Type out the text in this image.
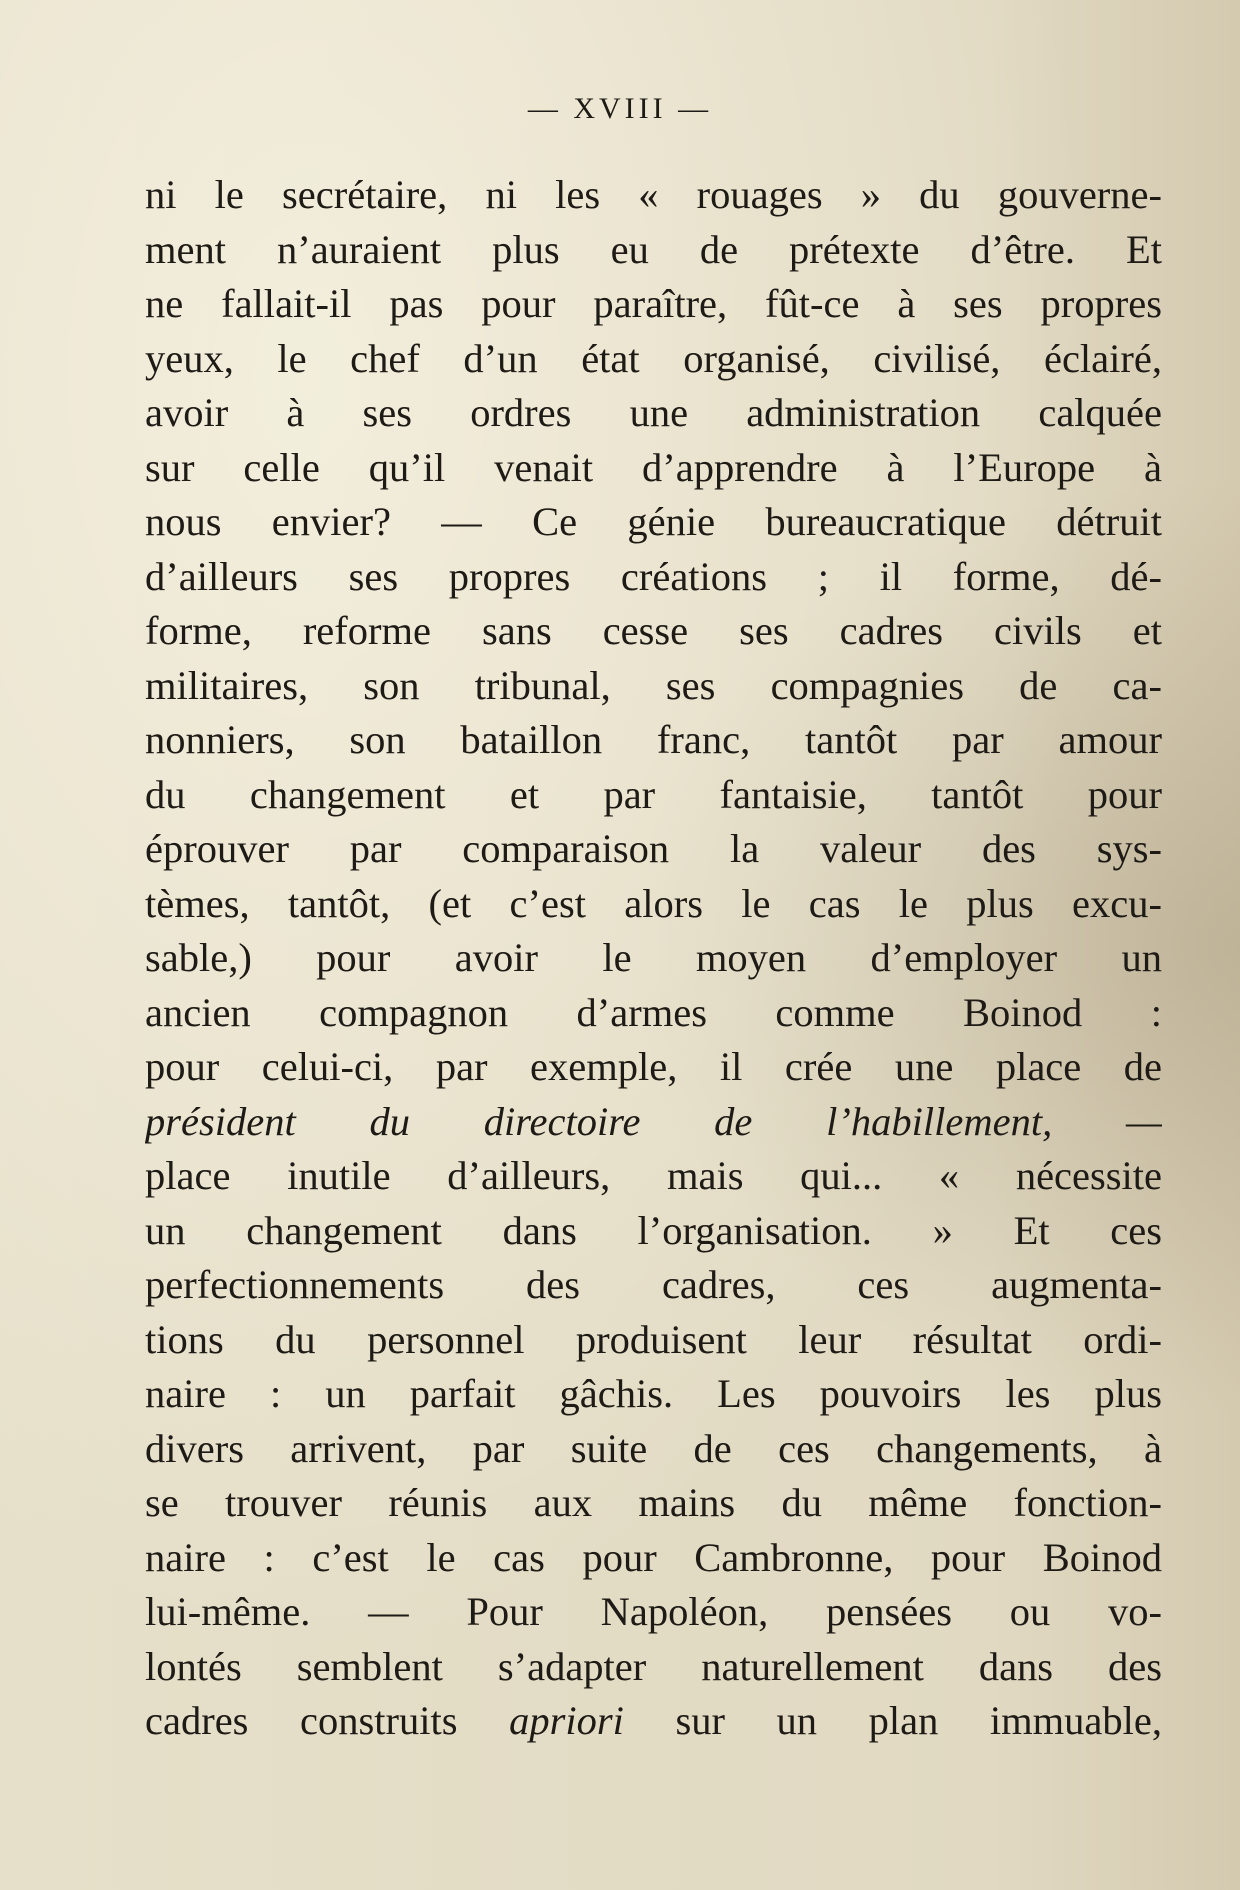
— XVIII —
ni le secrétaire, ni les « rouages » du gouverne-
ment n’auraient plus eu de prétexte d’être. Et
ne fallait-il pas pour paraître, fût-ce à ses propres
yeux, le chef d’un état organisé, civilisé, éclairé,
avoir à ses ordres une administration calquée
sur celle qu’il venait d’apprendre à l’Europe à
nous envier? — Ce génie bureaucratique détruit
d’ailleurs ses propres créations ; il forme, dé-
forme, reforme sans cesse ses cadres civils et
militaires, son tribunal, ses compagnies de ca-
nonniers, son bataillon franc, tantôt par amour
du changement et par fantaisie, tantôt pour
éprouver par comparaison la valeur des sys-
tèmes, tantôt, (et c’est alors le cas le plus excu-
sable,) pour avoir le moyen d’employer un
ancien compagnon d’armes comme Boinod :
pour celui-ci, par exemple, il crée une place de
président du directoire de l’habillement, —
place inutile d’ailleurs, mais qui... « nécessite
un changement dans l’organisation. » Et ces
perfectionnements des cadres, ces augmenta-
tions du personnel produisent leur résultat ordi-
naire : un parfait gâchis. Les pouvoirs les plus
divers arrivent, par suite de ces changements, à
se trouver réunis aux mains du même fonction-
naire : c’est le cas pour Cambronne, pour Boinod
lui-même. — Pour Napoléon, pensées ou vo-
lontés semblent s’adapter naturellement dans des
cadres construits apriori sur un plan immuable,
